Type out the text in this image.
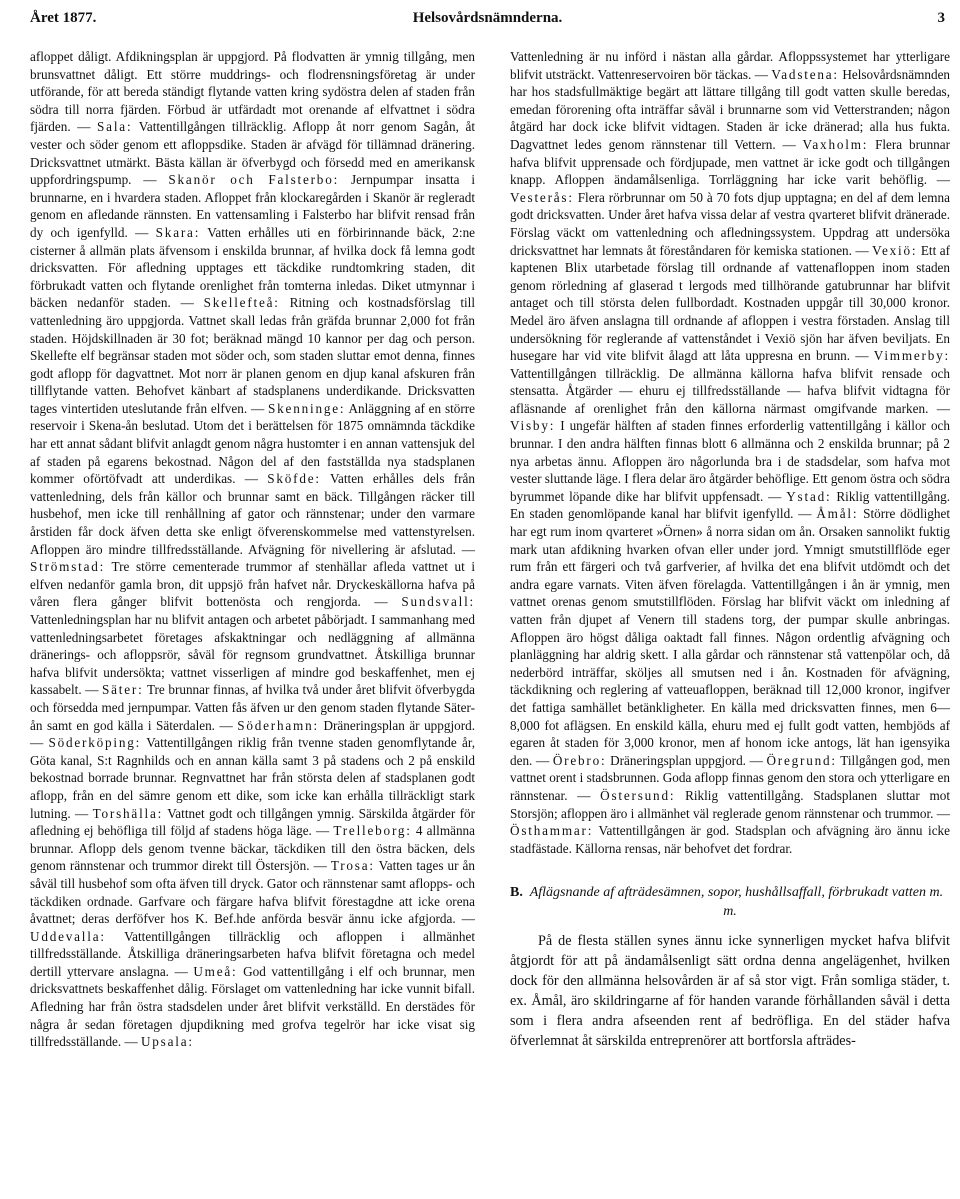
Året 1877.	Helsovårdsnämnderna.	3

afloppet dåligt. Afdikningsplan är uppgjord. På flodvatten är ymnig tillgång, men brunsvattnet dåligt. Ett större muddrings- och flodrensningsföretag är under utförande, för att bereda ständigt flytande vatten kring sydöstra delen af staden från södra till norra fjärden. Förbud är utfärdadt mot orenande af elfvattnet i södra fjärden. — Sala: Vattentillgången tillräcklig. Aflopp åt norr genom Sagån, åt vester och söder genom ett afloppsdike. Staden är afvägd för tillämnad dränering. Dricksvattnet utmärkt. Bästa källan är öfverbygd och försedd med en amerikansk uppfordringspump. — Skanör och Falsterbo: Jernpumpar insatta i brunnarne, en i hvardera staden. Afloppet från klockaregården i Skanör är regleradt genom en afledande rännsten. En vattensamling i Falsterbo har blifvit rensad från dy och igenfylld. — Skara: Vatten erhålles uti en förbirinnande bäck, 2:ne cisterner å allmän plats äfvensom i enskilda brunnar, af hvilka dock få lemna godt dricksvatten. För afledning upptages ett täckdike rundtomkring staden, dit förbrukadt vatten och flytande orenlighet från tomterna inledas. Diket utmynnar i bäcken nedanför staden. — Skellefteå: Ritning och kostnadsförslag till vattenledning äro uppgjorda. Vattnet skall ledas från gräfda brunnar 2,000 fot från staden. Höjdskillnaden är 30 fot; beräknad mängd 10 kannor per dag och person. Skellefte elf begränsar staden mot söder och, som staden sluttar emot denna, finnes godt aflopp för dagvattnet. Mot norr är planen genom en djup kanal afskuren från tillflytande vatten. Behofvet känbart af stadsplanens underdikande. Dricksvatten tages vintertiden uteslutande från elfven. — Skenninge: Anläggning af en större reservoir i Skena-ån beslutad. Utom det i berättelsen för 1875 omnämnda täckdike har ett annat sådant blifvit anlagdt genom några hustomter i en annan vattensjuk del af staden på egarens bekostnad. Någon del af den fastställda nya stadsplanen kommer oförtöfvadt att underdikas. — Sköfde: Vatten erhålles dels från vattenledning, dels från källor och brunnar samt en bäck. Tillgången räcker till husbehof, men icke till renhållning af gator och rännstenar; under den varmare årstiden får dock äfven detta ske enligt öfverenskommelse med vattenstyrelsen. Afloppen äro mindre tillfredsställande. Afvägning för nivellering är afslutad. — Strömstad: Tre större cementerade trummor af stenhällar afleda vattnet ut i elfven nedanför gamla bron, dit uppsjö från hafvet når. Dryckeskällorna hafva på våren flera gånger blifvit bottenösta och rengjorda. — Sundsvall: Vattenledningsplan har nu blifvit antagen och arbetet påbörjadt. I sammanhang med vattenledningsarbetet företages afskaktningar och nedläggning af allmänna dränerings- och afloppsrör, såväl för regnsom grundvattnet. Åtskilliga brunnar hafva blifvit undersökta; vattnet visserligen af mindre god beskaffenhet, men ej kassabelt. — Säter: Tre brunnar finnas, af hvilka två under året blifvit öfverbygda och försedda med jernpumpar. Vatten fås äfven ur den genom staden flytande Säter-ån samt en god källa i Säterdalen. — Söderhamn: Dräneringsplan är uppgjord. — Söderköping: Vattentillgången riklig från tvenne staden genomflytande år, Göta kanal, S:t Ragnhilds och en annan källa samt 3 på stadens och 2 på enskild bekostnad borrade brunnar. Regnvattnet har från största delen af stadsplanen godt aflopp, från en del sämre genom ett dike, som icke kan erhålla tillräckligt stark lutning. — Torshälla: Vattnet godt och tillgången ymnig. Särskilda åtgärder för afledning ej behöfliga till följd af stadens höga läge. — Trelleborg: 4 allmänna brunnar. Aflopp dels genom tvenne bäckar, täckdiken till den östra bäcken, dels genom rännstenar och trummor direkt till Östersjön. — Trosa: Vatten tages ur ån såväl till husbehof som ofta äfven till dryck. Gator och rännstenar samt aflopps- och täckdiken ordnade. Garfvare och färgare hafva blifvit förestagdne att icke orena åvattnet; deras derföfver hos K. Bef.hde anförda besvär ännu icke afgjorda. — Uddevalla: Vattentillgången tillräcklig och afloppen i allmänhet tillfredsställande. Åtskilliga dräneringsarbeten hafva blifvit företagna och medel dertill yttervare anslagna. — Umeå: God vattentillgång i elf och brunnar, men dricksvattnets beskaffenhet dålig. Förslaget om vattenledning har icke vunnit bifall. Afledning har från östra stadsdelen under året blifvit verkställd. En derstädes för några år sedan företagen djupdikning med grofva tegelrör har icke visat sig tillfredsställande. — Upsala:

Vattenledning är nu införd i nästan alla gårdar. Afloppssystemet har ytterligare blifvit utsträckt. Vattenreservoiren bör täckas. — Vadstena: Helsovårdsnämnden har hos stadsfullmäktige begärt att lättare tillgång till godt vatten skulle beredas, emedan förorening ofta inträffar såväl i brunnarne som vid Vetterstranden; någon åtgärd har dock icke blifvit vidtagen. Staden är icke dränerad; alla hus fukta. Dagvattnet ledes genom rännstenar till Vettern. — Vaxholm: Flera brunnar hafva blifvit upprensade och fördjupade, men vattnet är icke godt och tillgången knapp. Afloppen ändamålsenliga. Torrläggning har icke varit behöflig. — Vesterås: Flera rörbrunnar om 50 à 70 fots djup upptagna; en del af dem lemna godt dricksvatten. Under året hafva vissa delar af vestra qvarteret blifvit dränerade. Förslag väckt om vattenledning och afledningssystem. Uppdrag att undersöka dricksvattnet har lemnats åt föreståndaren för kemiska stationen. — Vexiö: Ett af kaptenen Blix utarbetade förslag till ordnande af vattenafloppen inom staden genom rörledning af glaserad t lergods med tillhörande gatubrunnar har blifvit antaget och till största delen fullbordadt. Kostnaden uppgår till 30,000 kronor. Medel äro äfven anslagna till ordnande af afloppen i vestra förstaden. Anslag till undersökning för reglerande af vattenståndet i Vexiö sjön har äfven beviljats. En husegare har vid vite blifvit ålagd att låta uppresna en brunn. — Vimmerby: Vattentillgången tillräcklig. De allmänna källorna hafva blifvit rensade och stensatta. Åtgärder — ehuru ej tillfredsställande — hafva blifvit vidtagna för afläsnande af orenlighet från den källorna närmast omgifvande marken. — Visby: I ungefär hälften af staden finnes erforderlig vattentillgång i källor och brunnar. I den andra hälften finnas blott 6 allmänna och 2 enskilda brunnar; på 2 nya arbetas ännu. Afloppen äro någorlunda bra i de stadsdelar, som hafva mot vester sluttande läge. I flera delar äro åtgärder behöflige. Ett genom östra och södra byrummet löpande dike har blifvit uppfensadt. — Ystad: Riklig vattentillgång. En staden genomlöpande kanal har blifvit igenfylld. — Åmål: Större dödlighet har egt rum inom qvarteret »Örnen» å norra sidan om ån. Orsaken sannolikt fuktig mark utan afdikning hvarken ofvan eller under jord. Ymnigt smutstillflöde eger rum från ett färgeri och två garfverier, af hvilka det ena blifvit utdömdt och det andra egare varnats. Viten äfven förelagda. Vattentillgången i ån är ymnig, men vattnet orenas genom smutstillflöden. Förslag har blifvit väckt om inledning af vatten från djupet af Venern till stadens torg, der pumpar skulle anbringas. Afloppen äro högst dåliga oaktadt fall finnes. Någon ordentlig afvägning och planläggning har aldrig skett. I alla gårdar och rännstenar stå vattenpölar och, då nederbörd inträffar, sköljes all smutsen ned i ån. Kostnaden för afvägning, täckdikning och reglering af vatteuafloppen, beräknad till 12,000 kronor, ingifver det fattiga samhället betänkligheter. En källa med dricksvatten finnes, men 6—8,000 fot aflägsen. En enskild källa, ehuru med ej fullt godt vatten, hembjöds af egaren åt staden för 3,000 kronor, men af honom icke antogs, lät han igensyika den. — Örebro: Dräneringsplan uppgjord. — Öregrund: Tillgången god, men vattnet orent i stadsbrunnen. Goda aflopp finnas genom den stora och ytterligare en rännstenar. — Östersund: Riklig vattentillgång. Stadsplanen sluttar mot Storsjön; afloppen äro i allmänhet väl reglerade genom rännstenar och trummor. — Östhammar: Vattentillgången är god. Stadsplan och afvägning äro ännu icke stadfästade. Källorna rensas, när behofvet det fordrar.

B. Aflägsnande af afträdesämnen, sopor, hushållsaffall, förbrukadt vatten m. m.

På de flesta ställen synes ännu icke synnerligen mycket hafva blifvit åtgjordt för att på ändamålsenligt sätt ordna denna angelägenhet, hvilken dock för den allmänna helsovården är af så stor vigt. Från somliga städer, t. ex. Åmål, äro skildringarne af för handen varande förhållanden såväl i detta som i flera andra afseenden rent af bedröfliga. En del städer hafva öfverlemnat åt särskilda entreprenörer att bortforsla afträdes-
